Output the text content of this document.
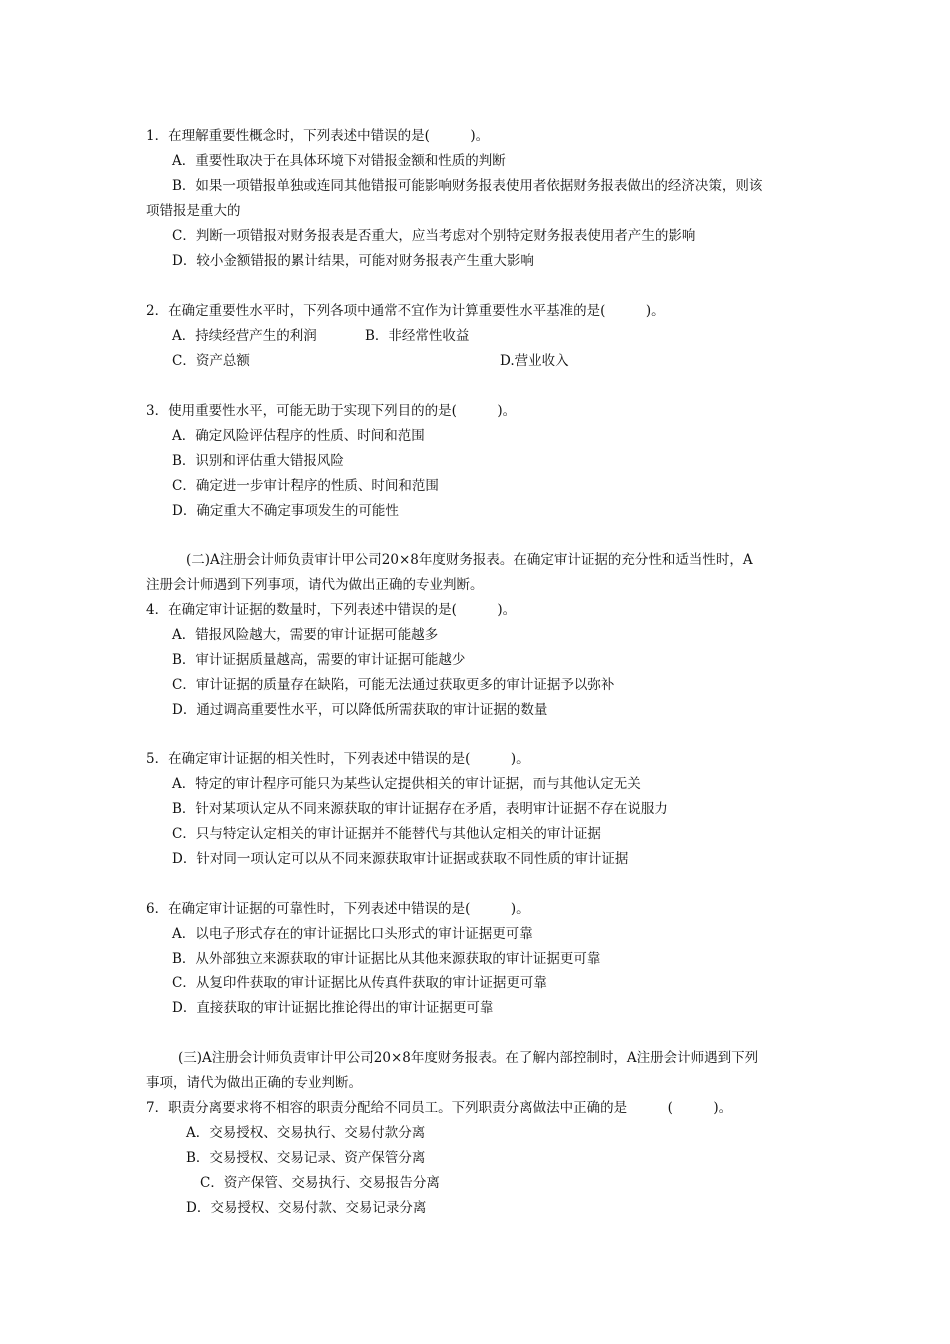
1．在理解重要性概念时，下列表述中错误的是(　　　)。
A．重要性取决于在具体环境下对错报金额和性质的判断
B．如果一项错报单独或连同其他错报可能影响财务报表使用者依据财务报表做出的经济决策，则该
项错报是重大的
C．判断一项错报对财务报表是否重大，应当考虑对个别特定财务报表使用者产生的影响
D．较小金额错报的累计结果，可能对财务报表产生重大影响
2．在确定重要性水平时，下列各项中通常不宜作为计算重要性水平基准的是(　　　)。
A．持续经营产生的利润	B．非经常性收益
C．资产总额	D.营业收入
3．使用重要性水平，可能无助于实现下列目的的是(　　　)。
A．确定风险评估程序的性质、时间和范围
B．识别和评估重大错报风险
C．确定进一步审计程序的性质、时间和范围
D．确定重大不确定事项发生的可能性
(二)A注册会计师负责审计甲公司20×8年度财务报表。在确定审计证据的充分性和适当性时，A
注册会计师遇到下列事项，请代为做出正确的专业判断。
4．在确定审计证据的数量时，下列表述中错误的是(　　　)。
A．错报风险越大，需要的审计证据可能越多
B．审计证据质量越高，需要的审计证据可能越少
C．审计证据的质量存在缺陷，可能无法通过获取更多的审计证据予以弥补
D．通过调高重要性水平，可以降低所需获取的审计证据的数量
5．在确定审计证据的相关性时，下列表述中错误的是(　　　)。
A．特定的审计程序可能只为某些认定提供相关的审计证据，而与其他认定无关
B．针对某项认定从不同来源获取的审计证据存在矛盾，表明审计证据不存在说服力
C．只与特定认定相关的审计证据并不能替代与其他认定相关的审计证据
D．针对同一项认定可以从不同来源获取审计证据或获取不同性质的审计证据
6．在确定审计证据的可靠性时，下列表述中错误的是(　　　)。
A．以电子形式存在的审计证据比口头形式的审计证据更可靠
B．从外部独立来源获取的审计证据比从其他来源获取的审计证据更可靠
C．从复印件获取的审计证据比从传真件获取的审计证据更可靠
D．直接获取的审计证据比推论得出的审计证据更可靠
(三)A注册会计师负责审计甲公司20×8年度财务报表。在了解内部控制时，A注册会计师遇到下列
事项，请代为做出正确的专业判断。
7．职责分离要求将不相容的职责分配给不同员工。下列职责分离做法中正确的是　　　(　　　)。
A．交易授权、交易执行、交易付款分离
B．交易授权、交易记录、资产保管分离
C．资产保管、交易执行、交易报告分离
D．交易授权、交易付款、交易记录分离
